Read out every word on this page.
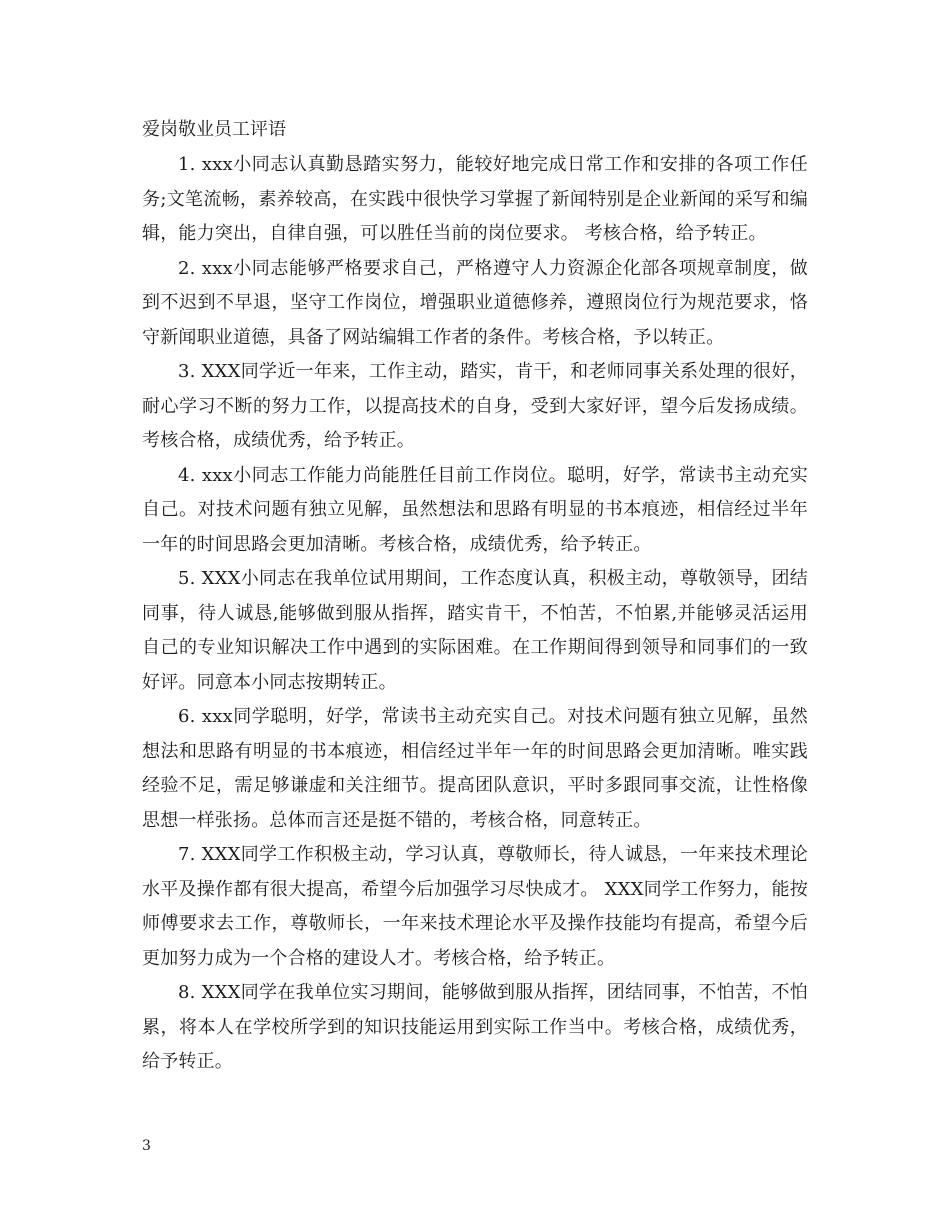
爱岗敬业员工评语

1. xxx小同志认真勤恳踏实努力，能较好地完成日常工作和安排的各项工作任务;文笔流畅，素养较高，在实践中很快学习掌握了新闻特别是企业新闻的采写和编辑，能力突出，自律自强，可以胜任当前的岗位要求。 考核合格，给予转正。

2. xxx小同志能够严格要求自己，严格遵守人力资源企化部各项规章制度，做到不迟到不早退，坚守工作岗位，增强职业道德修养，遵照岗位行为规范要求，恪守新闻职业道德，具备了网站编辑工作者的条件。考核合格，予以转正。

3. XXX同学近一年来，工作主动，踏实，肯干，和老师同事关系处理的很好，耐心学习不断的努力工作，以提高技术的自身，受到大家好评，望今后发扬成绩。考核合格，成绩优秀，给予转正。

4. xxx小同志工作能力尚能胜任目前工作岗位。聪明，好学，常读书主动充实自己。对技术问题有独立见解，虽然想法和思路有明显的书本痕迹，相信经过半年一年的时间思路会更加清晰。考核合格，成绩优秀，给予转正。

5. XXX小同志在我单位试用期间，工作态度认真，积极主动，尊敬领导，团结同事，待人诚恳,能够做到服从指挥，踏实肯干，不怕苦，不怕累,并能够灵活运用自己的专业知识解决工作中遇到的实际困难。在工作期间得到领导和同事们的一致好评。同意本小同志按期转正。

6. xxx同学聪明，好学，常读书主动充实自己。对技术问题有独立见解，虽然想法和思路有明显的书本痕迹，相信经过半年一年的时间思路会更加清晰。唯实践经验不足，需足够谦虚和关注细节。提高团队意识，平时多跟同事交流，让性格像思想一样张扬。总体而言还是挺不错的，考核合格，同意转正。

7. XXX同学工作积极主动，学习认真，尊敬师长，待人诚恳，一年来技术理论水平及操作都有很大提高，希望今后加强学习尽快成才。 XXX同学工作努力，能按师傅要求去工作，尊敬师长，一年来技术理论水平及操作技能均有提高，希望今后更加努力成为一个合格的建设人才。考核合格，给予转正。

8. XXX同学在我单位实习期间，能够做到服从指挥，团结同事，不怕苦，不怕累，将本人在学校所学到的知识技能运用到实际工作当中。考核合格，成绩优秀，给予转正。

3
